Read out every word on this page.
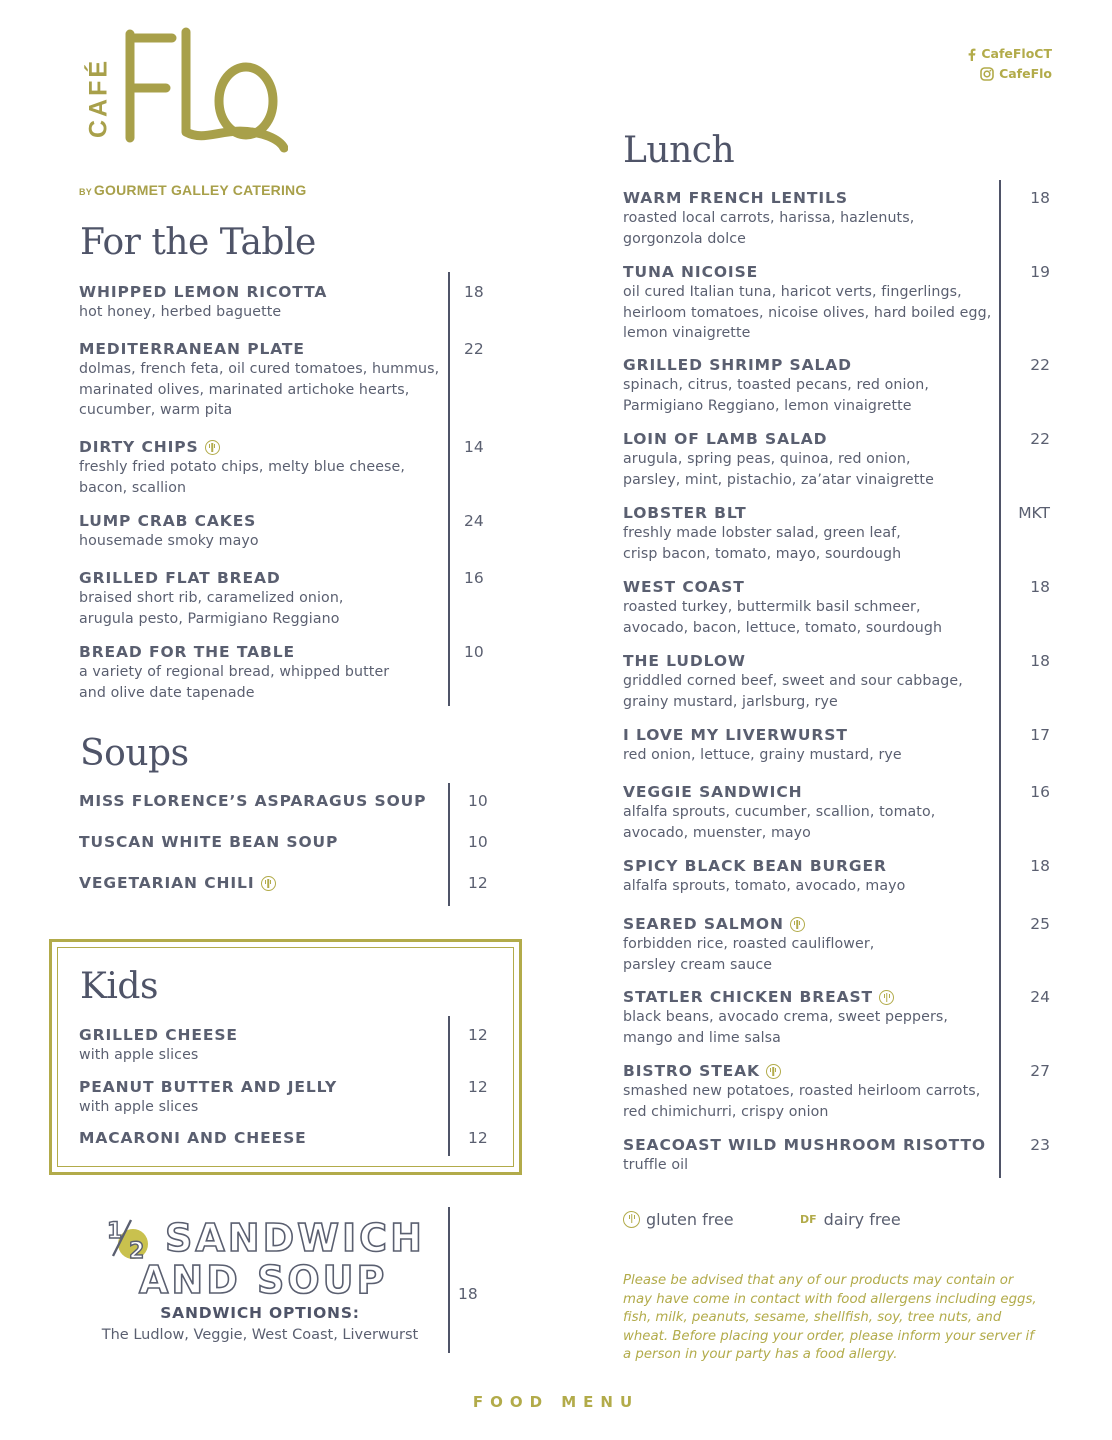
CAFÉ
FLO
BY GOURMET GALLEY CATERING
CafeFloCT
CafeFlo
For the Table
WHIPPED LEMON RICOTTA
hot honey, herbed baguette
18
MEDITERRANEAN PLATE
dolmas, french feta, oil cured tomatoes, hummus,
marinated olives, marinated artichoke hearts,
cucumber, warm pita
22
DIRTY CHIPS
freshly fried potato chips, melty blue cheese,
bacon, scallion
14
LUMP CRAB CAKES
housemade smoky mayo
24
GRILLED FLAT BREAD
braised short rib, caramelized onion,
arugula pesto, Parmigiano Reggiano
16
BREAD FOR THE TABLE
a variety of regional bread, whipped butter
and olive date tapenade
10
Soups
MISS FLORENCE’S ASPARAGUS SOUP	10
TUSCAN WHITE BEAN SOUP	10
VEGETARIAN CHILI	12
Kids
GRILLED CHEESE
with apple slices
12
PEANUT BUTTER AND JELLY
with apple slices
12
MACARONI AND CHEESE	12
1
2 SANDWICH
AND SOUP
SANDWICH OPTIONS:
The Ludlow, Veggie, West Coast, Liverwurst
18
Lunch
WARM FRENCH LENTILS
roasted local carrots, harissa, hazlenuts,
gorgonzola dolce
18
TUNA NICOISE
oil cured Italian tuna, haricot verts, fingerlings,
heirloom tomatoes, nicoise olives, hard boiled egg,
lemon vinaigrette
19
GRILLED SHRIMP SALAD
spinach, citrus, toasted pecans, red onion,
Parmigiano Reggiano, lemon vinaigrette
22
LOIN OF LAMB SALAD
arugula, spring peas, quinoa, red onion,
parsley, mint, pistachio, za’atar vinaigrette
22
LOBSTER BLT
freshly made lobster salad, green leaf,
crisp bacon, tomato, mayo, sourdough
MKT
WEST COAST
roasted turkey, buttermilk basil schmeer,
avocado, bacon, lettuce, tomato, sourdough
18
THE LUDLOW
griddled corned beef, sweet and sour cabbage,
grainy mustard, jarlsburg, rye
18
I LOVE MY LIVERWURST
red onion, lettuce, grainy mustard, rye
17
VEGGIE SANDWICH
alfalfa sprouts, cucumber, scallion, tomato,
avocado, muenster, mayo
16
SPICY BLACK BEAN BURGER
alfalfa sprouts, tomato, avocado, mayo
18
SEARED SALMON
forbidden rice, roasted cauliflower,
parsley cream sauce
25
STATLER CHICKEN BREAST
black beans, avocado crema, sweet peppers,
mango and lime salsa
24
BISTRO STEAK
smashed new potatoes, roasted heirloom carrots,
red chimichurri, crispy onion
27
SEACOAST WILD MUSHROOM RISOTTO
truffle oil
23
gluten free	DF dairy free
Please be advised that any of our products may contain or may have come in contact with food allergens including eggs, fish, milk, peanuts, sesame, shellfish, soy, tree nuts, and wheat. Before placing your order, please inform your server if a person in your party has a food allergy.
FOOD MENU
